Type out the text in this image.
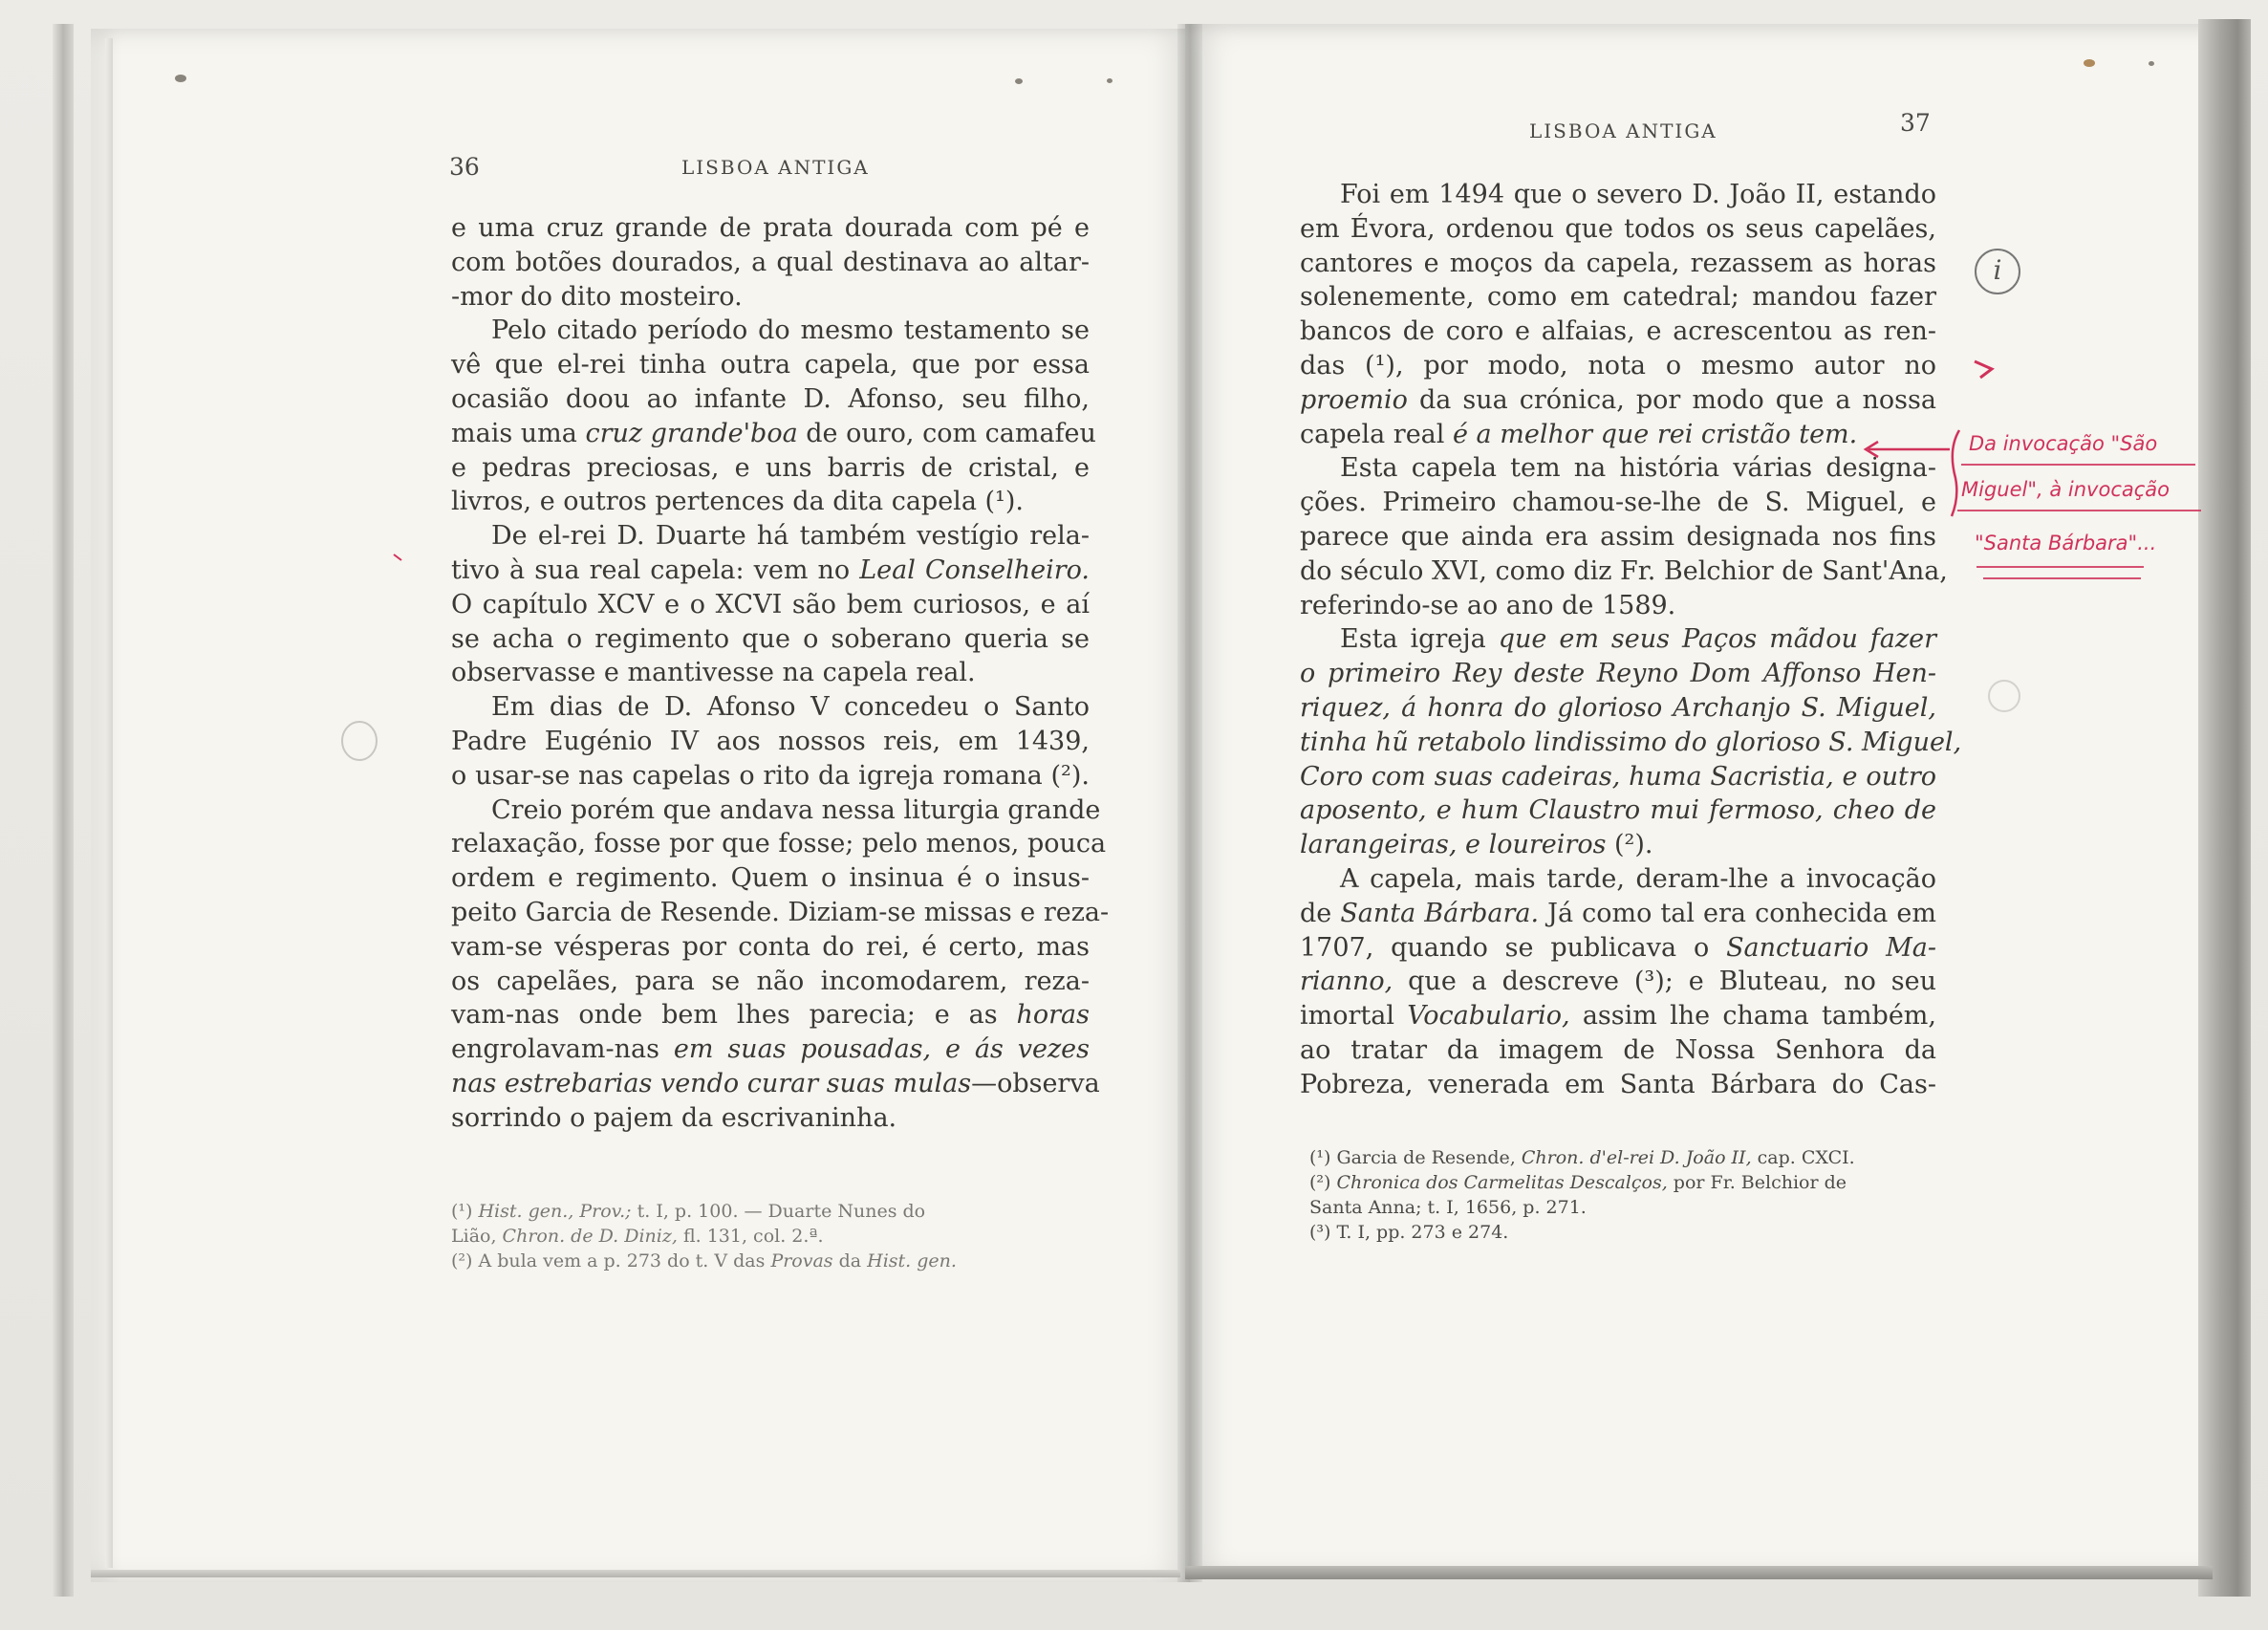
36	LISBOA ANTIGA
e uma cruz grande de prata dourada com pé e
com botões dourados, a qual destinava ao altar-
-mor do dito mosteiro.
Pelo citado período do mesmo testamento se
vê que el-rei tinha outra capela, que por essa
ocasião doou ao infante D. Afonso, seu filho,
mais uma cruz grande'boa de ouro, com camafeu
e pedras preciosas, e uns barris de cristal, e
livros, e outros pertences da dita capela (¹).
De el-rei D. Duarte há também vestígio rela-
tivo à sua real capela: vem no Leal Conselheiro.
O capítulo XCV e o XCVI são bem curiosos, e aí
se acha o regimento que o soberano queria se
observasse e mantivesse na capela real.
Em dias de D. Afonso V concedeu o Santo
Padre Eugénio IV aos nossos reis, em 1439,
o usar-se nas capelas o rito da igreja romana (²).
Creio porém que andava nessa liturgia grande
relaxação, fosse por que fosse; pelo menos, pouca
ordem e regimento. Quem o insinua é o insus-
peito Garcia de Resende. Diziam-se missas e reza-
vam-se vésperas por conta do rei, é certo, mas
os capelães, para se não incomodarem, reza-
vam-nas onde bem lhes parecia; e as horas
engrolavam-nas em suas pousadas, e ás vezes
nas estrebarias vendo curar suas mulas—observa
sorrindo o pajem da escrivaninha.
(¹) Hist. gen., Prov.; t. I, p. 100. — Duarte Nunes do
Lião, Chron. de D. Diniz, fl. 131, col. 2.ª.
(²) A bula vem a p. 273 do t. V das Provas da Hist. gen.
LISBOA ANTIGA	37
Foi em 1494 que o severo D. João II, estando
em Évora, ordenou que todos os seus capelães,
cantores e moços da capela, rezassem as horas
solenemente, como em catedral; mandou fazer
bancos de coro e alfaias, e acrescentou as ren-
das (¹), por modo, nota o mesmo autor no
proemio da sua crónica, por modo que a nossa
capela real é a melhor que rei cristão tem.
Esta capela tem na história várias designa-
ções. Primeiro chamou-se-lhe de S. Miguel, e
parece que ainda era assim designada nos fins
do século XVI, como diz Fr. Belchior de Sant'Ana,
referindo-se ao ano de 1589.
Esta igreja que em seus Paços mãdou fazer
o primeiro Rey deste Reyno Dom Affonso Hen-
riquez, á honra do glorioso Archanjo S. Miguel,
tinha hũ retabolo lindissimo do glorioso S. Miguel,
Coro com suas cadeiras, huma Sacristia, e outro
aposento, e hum Claustro mui fermoso, cheo de
larangeiras, e loureiros (²).
A capela, mais tarde, deram-lhe a invocação
de Santa Bárbara. Já como tal era conhecida em
1707, quando se publicava o Sanctuario Ma-
rianno, que a descreve (³); e Bluteau, no seu
imortal Vocabulario, assim lhe chama também,
ao tratar da imagem de Nossa Senhora da
Pobreza, venerada em Santa Bárbara do Cas-
(¹) Garcia de Resende, Chron. d'el-rei D. João II, cap. CXCI.
(²) Chronica dos Carmelitas Descalços, por Fr. Belchior de
Santa Anna; t. I, 1656, p. 271.
(³) T. I, pp. 273 e 274.
i
Da invocação "São
Miguel", à invocação
"Santa Bárbara"...
